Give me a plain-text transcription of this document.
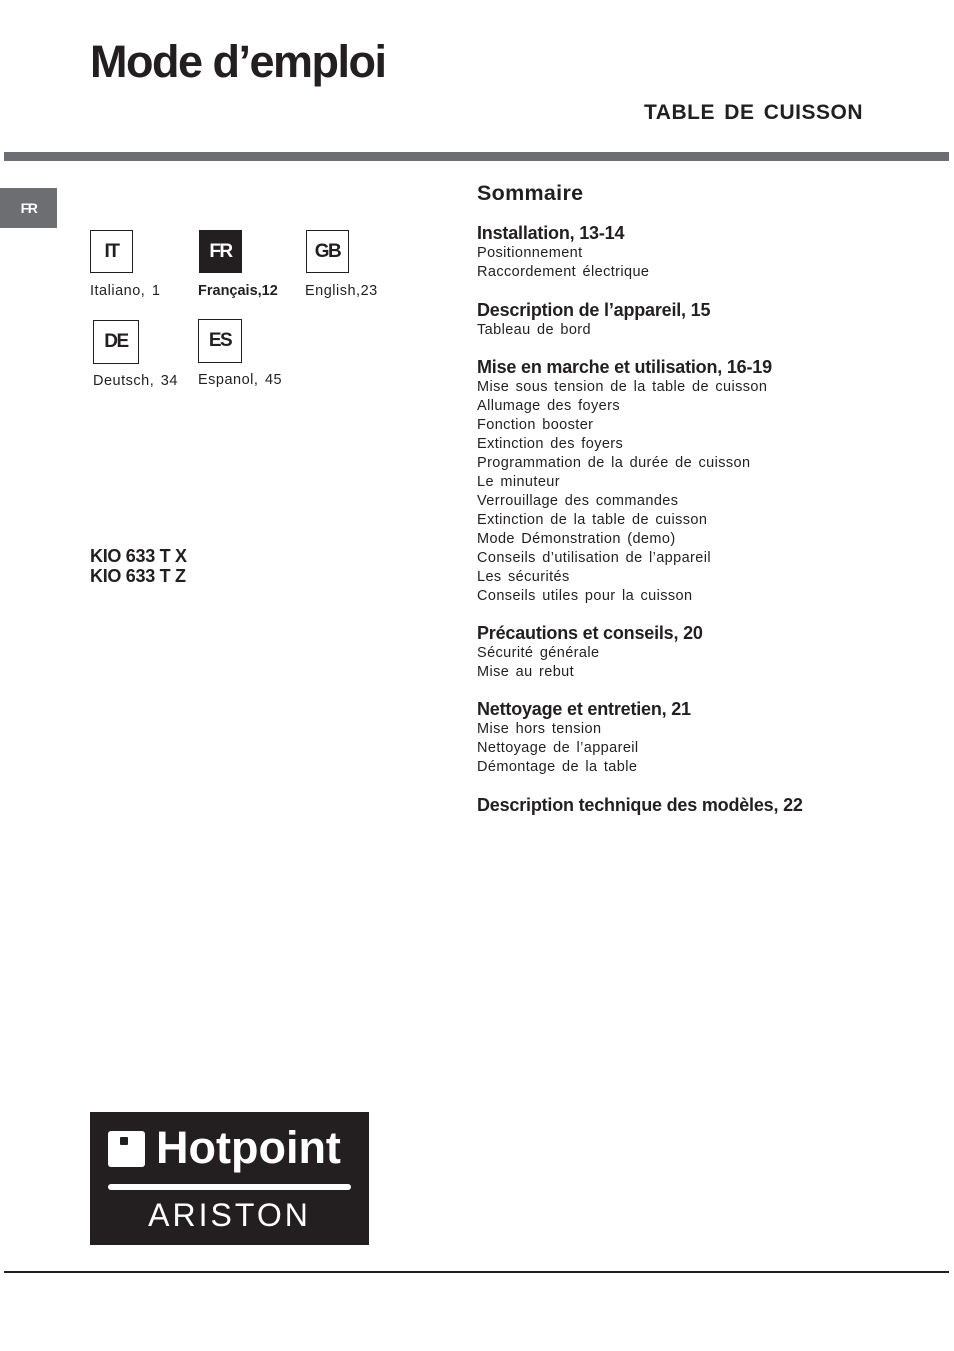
Mode d’emploi
TABLE DE CUISSON
FR
IT
Italiano, 1
FR
Français,12
GB
English,23
DE
Deutsch, 34
ES
Espanol, 45
KIO 633 T X
KIO 633 T Z
Sommaire
Installation, 13-14
Positionnement
Raccordement électrique
Description de l’appareil, 15
Tableau de bord
Mise en marche et utilisation, 16-19
Mise sous tension de la table de cuisson
Allumage des foyers
Fonction booster
Extinction des foyers
Programmation de la durée de cuisson
Le minuteur
Verrouillage des commandes
Extinction de la table de cuisson
Mode Démonstration (demo)
Conseils d’utilisation de l’appareil
Les sécurités
Conseils utiles pour la cuisson
Précautions et conseils, 20
Sécurité générale
Mise au rebut
Nettoyage et entretien, 21
Mise hors tension
Nettoyage de l’appareil
Démontage de la table
Description technique des modèles, 22
Hotpoint
ARISTON
